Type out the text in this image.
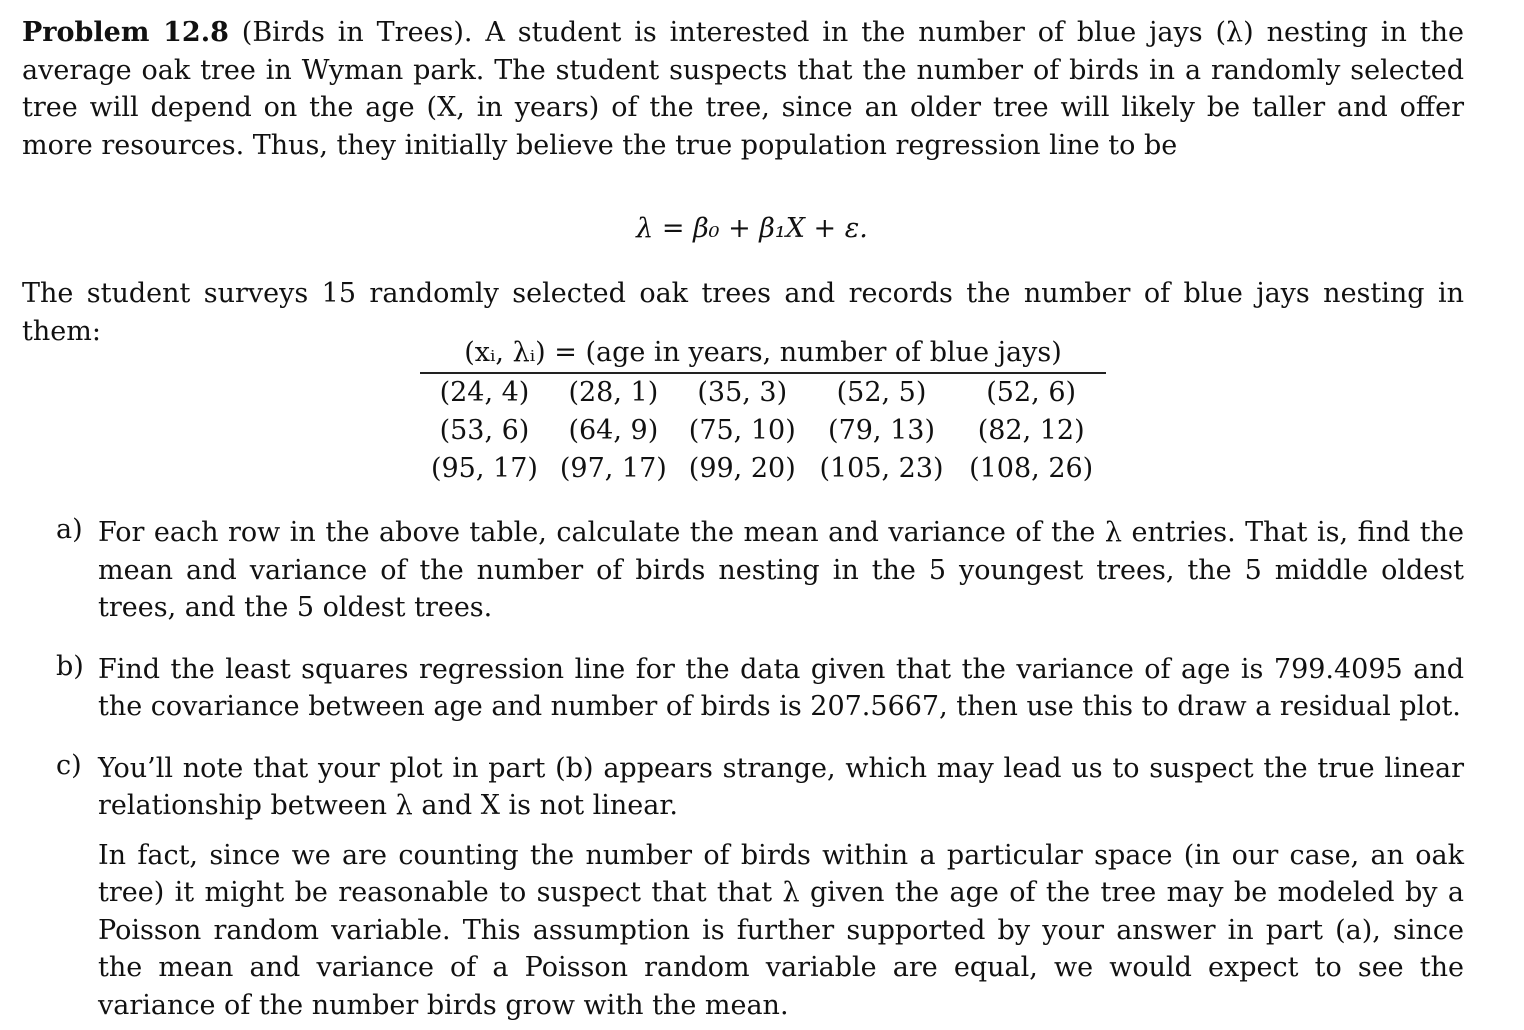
Problem 12.8 (Birds in Trees). A student is interested in the number of blue jays (λ) nesting in the average oak tree in Wyman park. The student suspects that the number of birds in a randomly selected tree will depend on the age (X, in years) of the tree, since an older tree will likely be taller and offer more resources. Thus, they initially believe the true population regression line to be

λ = β₀ + β₁X + ε.

The student surveys 15 randomly selected oak trees and records the number of blue jays nesting in them:

(xᵢ, λᵢ) = (age in years, number of blue jays)
(24, 4)	(28, 1)	(35, 3)	(52, 5)	(52, 6)
(53, 6)	(64, 9)	(75, 10)	(79, 13)	(82, 12)
(95, 17)	(97, 17)	(99, 20)	(105, 23)	(108, 26)
a) For each row in the above table, calculate the mean and variance of the λ entries. That is, find the mean and variance of the number of birds nesting in the 5 youngest trees, the 5 middle oldest trees, and the 5 oldest trees.

b) Find the least squares regression line for the data given that the variance of age is 799.4095 and the covariance between age and number of birds is 207.5667, then use this to draw a residual plot.

c) You’ll note that your plot in part (b) appears strange, which may lead us to suspect the true linear relationship between λ and X is not linear.

In fact, since we are counting the number of birds within a particular space (in our case, an oak tree) it might be reasonable to suspect that that λ given the age of the tree may be modeled by a Poisson random variable. This assumption is further supported by your answer in part (a), since the mean and variance of a Poisson random variable are equal, we would expect to see the variance of the number birds grow with the mean.
